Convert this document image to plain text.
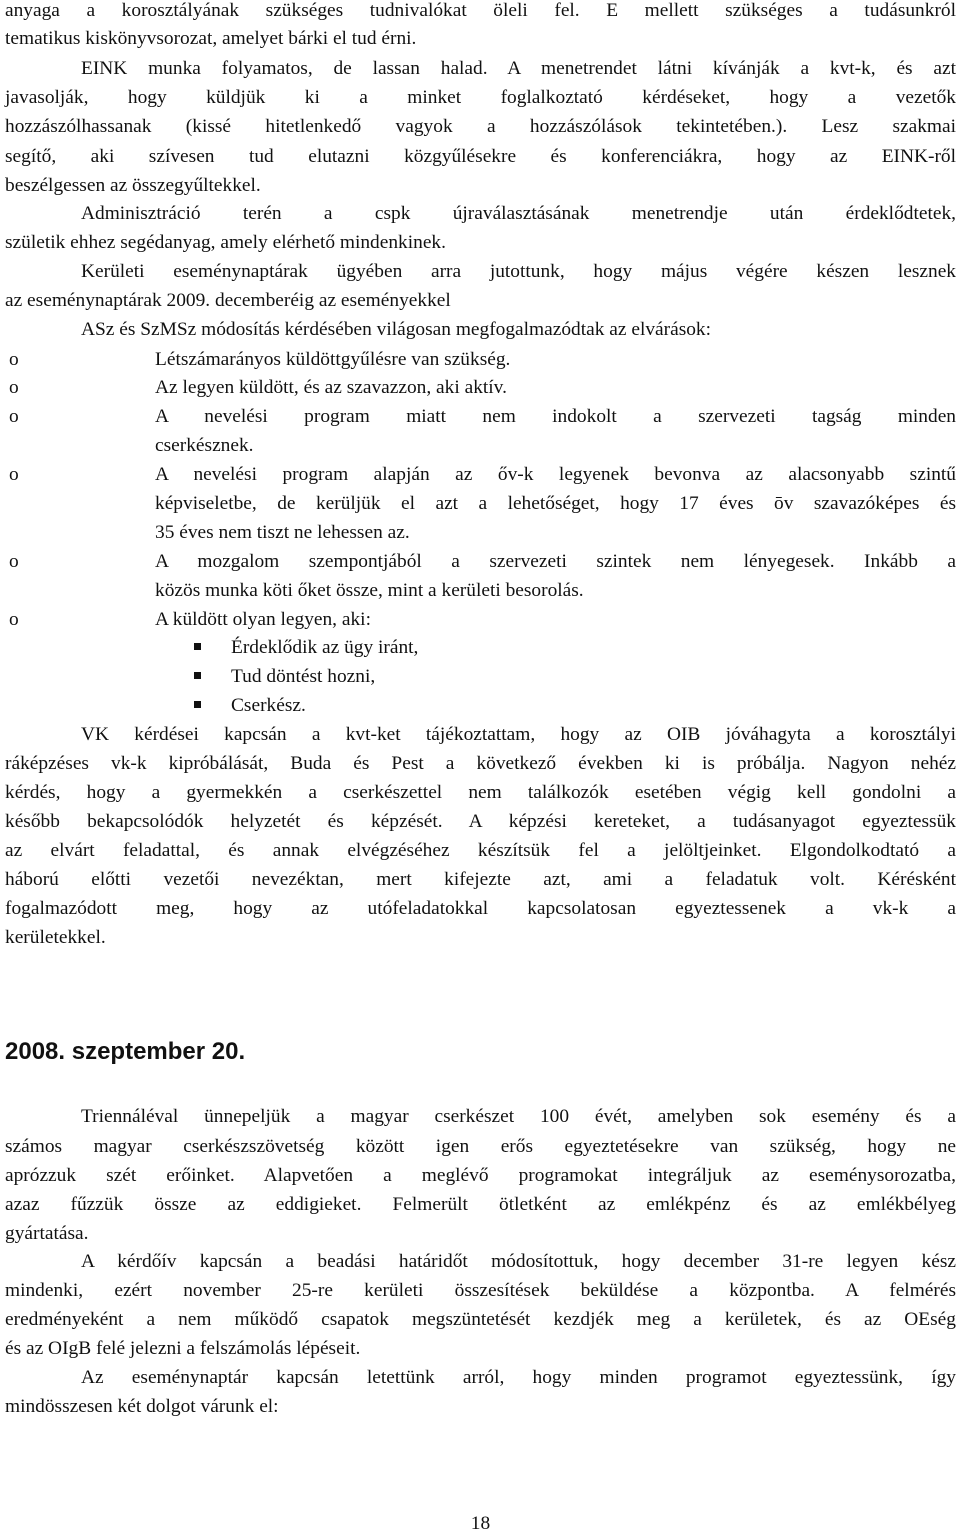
anyaga a korosztályának szükséges tudnivalókat öleli fel. E mellett szükséges a tudásunkról
tematikus kiskönyvsorozat, amelyet bárki el tud érni.
EINK munka folyamatos, de lassan halad. A menetrendet látni kívánják a kvt-k, és azt
javasolják, hogy küldjük ki a minket foglalkoztató kérdéseket, hogy a vezetők
hozzászólhassanak (kissé hitetlenkedő vagyok a hozzászólások tekintetében.). Lesz szakmai
segítő, aki szívesen tud elutazni közgyűlésekre és konferenciákra, hogy az EINK-ről
beszélgessen az összegyűltekkel.
Adminisztráció terén a cspk újraválasztásának menetrendje után érdeklődtetek,
születik ehhez segédanyag, amely elérhető mindenkinek.
Kerületi eseménynaptárak ügyében arra jutottunk, hogy május végére készen lesznek
az eseménynaptárak 2009. decemberéig az eseményekkel
ASz és SzMSz módosítás kérdésében világosan megfogalmazódtak az elvárások:
o	Létszámarányos küldöttgyűlésre van szükség.
o	Az legyen küldött, és az szavazzon, aki aktív.
o	A nevelési program miatt nem indokolt a szervezeti tagság minden
cserkésznek.
o	A nevelési program alapján az őv-k legyenek bevonva az alacsonyabb szintű
képviseletbe, de kerüljük el azt a lehetőséget, hogy 17 éves ōv szavazóképes és
35 éves nem tiszt ne lehessen az.
o	A mozgalom szempontjából a szervezeti szintek nem lényegesek. Inkább a
közös munka köti őket össze, mint a kerületi besorolás.
o	A küldött olyan legyen, aki:
Érdeklődik az ügy iránt,
Tud döntést hozni,
Cserkész.
VK kérdései kapcsán a kvt-ket tájékoztattam, hogy az OIB jóváhagyta a korosztályi
ráképzéses vk-k kipróbálását, Buda és Pest a következő években ki is próbálja. Nagyon nehéz
kérdés, hogy a gyermekkén a cserkészettel nem találkozók esetében végig kell gondolni a
később bekapcsolódók helyzetét és képzését. A képzési kereteket, a tudásanyagot egyeztessük
az elvárt feladattal, és annak elvégzéséhez készítsük fel a jelöltjeinket. Elgondolkodtató a
háború előtti vezetői nevezéktan, mert kifejezte azt, ami a feladatuk volt. Kérésként
fogalmazódott meg, hogy az utófeladatokkal kapcsolatosan egyeztessenek a vk-k a
kerületekkel.
2008. szeptember 20.
Triennáléval ünnepeljük a magyar cserkészet 100 évét, amelyben sok esemény és a
számos magyar cserkészszövetség között igen erős egyeztetésekre van szükség, hogy ne
aprózzuk szét erőinket. Alapvetően a meglévő programokat integráljuk az eseménysorozatba,
azaz fűzzük össze az eddigieket. Felmerült ötletként az emlékpénz és az emlékbélyeg
gyártatása.
A kérdőív kapcsán a beadási határidőt módosítottuk, hogy december 31-re legyen kész
mindenki, ezért november 25-re kerületi összesítések beküldése a központba. A felmérés
eredményeként a nem működő csapatok megszüntetését kezdjék meg a kerületek, és az OEség
és az OIgB felé jelezni a felszámolás lépéseit.
Az eseménynaptár kapcsán letettünk arról, hogy minden programot egyeztessünk, így
mindösszesen két dolgot várunk el:
18
